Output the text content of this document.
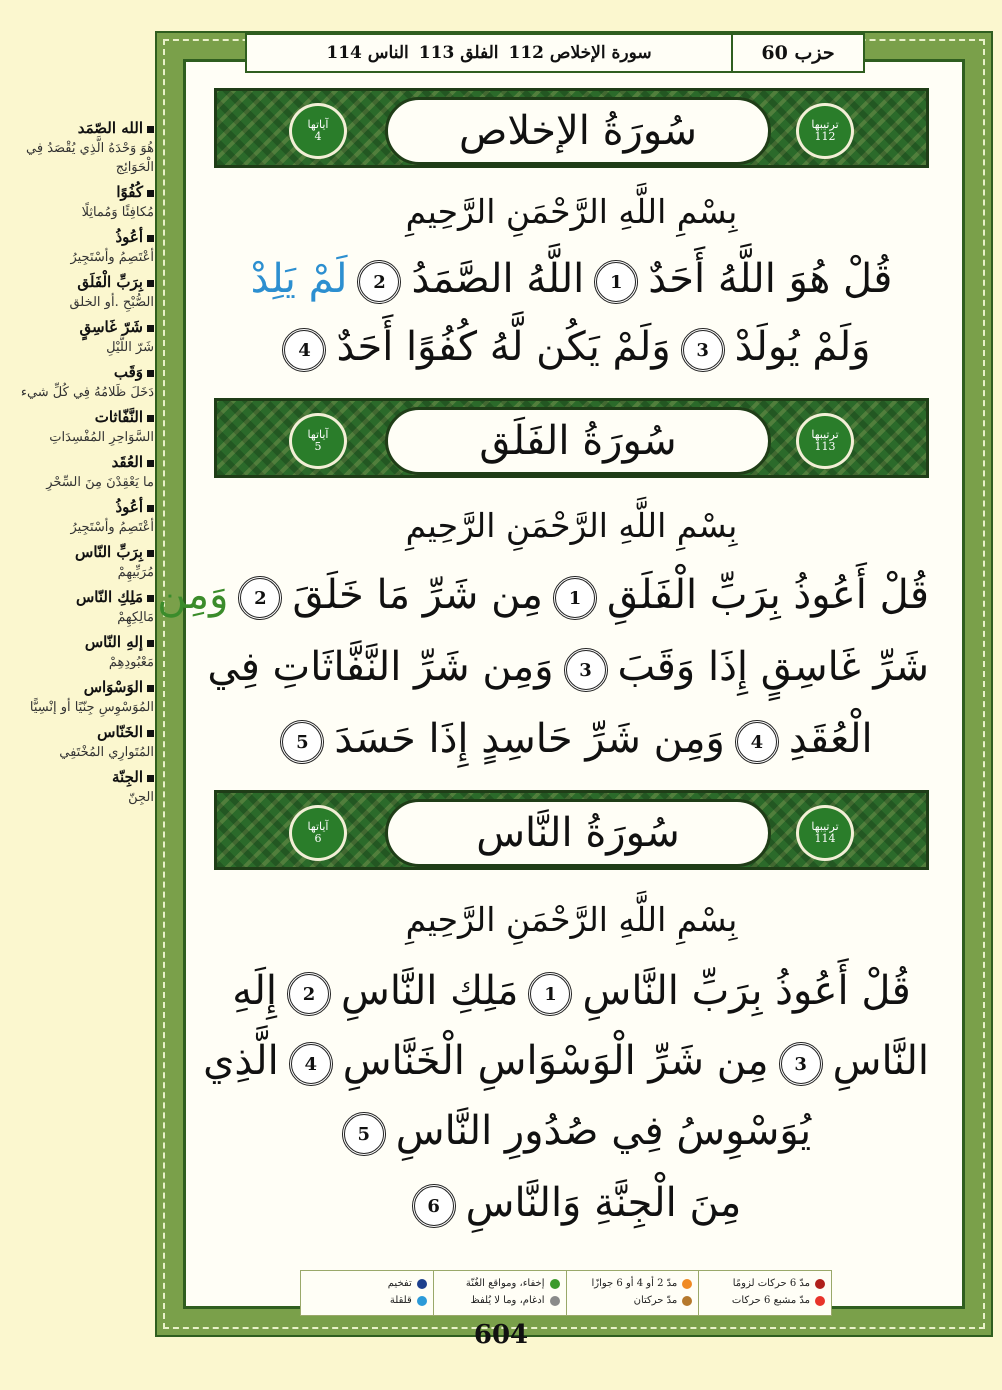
الله الصّمَد
هُوَ وَحْدَهُ الَّذِي يُقْصَدُ فِي الْحَوَائِج
كُفُوًا
مُكافِئًا وَمُماثِلًا
أعُوذُ
أعْتَصِمُ وأسْتَجِيرُ
بِرَبِّ الْفَلَق
الصُّبْحِ .أو الخلق
شَرّ غَاسِقٍ
شَرّ اللَّيْلِ
وَقَب
دَخَلَ ظَلامُهُ فِي كُلِّ شيء
النَّفّاثات
السَّوَاحِرِ المُفْسِدَاتِ
العُقَد
ما يَعْقِدْنَ مِنَ السِّحْرِ
أعُوذُ
أعْتَصِمُ وأسْتَجِيرُ
بِرَبِّ النّاس
مُرَبِّيهِمْ
مَلِكِ النّاس
مَالِكِهِمْ
إلهِ النّاس
مَعْبُودِهِمْ
الوَسْوَاس
المُوَسْوِسِ جِنّيًا أو إنْسِيًّا
الخَنّاس
المُتَوارِي المُخْتَفِي
الجِنّة
الجِنّ
حزب 60
سورة الإخلاص 112
الفلق 113
الناس 114
ترتيبها
112
سُورَةُ الإخلاص
آياتها
4
بِسْمِ اللَّهِ الرَّحْمَنِ الرَّحِيمِ
قُلْ هُوَ اللَّهُ أَحَدٌ1اللَّهُ الصَّمَدُ2لَمْ يَلِدْ
وَلَمْ يُولَدْ3وَلَمْ يَكُن لَّهُ كُفُوًا أَحَدٌ4
ترتيبها
113
سُورَةُ الفَلَق
آياتها
5
بِسْمِ اللَّهِ الرَّحْمَنِ الرَّحِيمِ
قُلْ أَعُوذُ بِرَبِّ الْفَلَقِ1مِن شَرِّ مَا خَلَقَ2وَمِن
شَرِّ غَاسِقٍ إِذَا وَقَبَ3وَمِن شَرِّ النَّفَّاثَاتِ فِي
الْعُقَدِ4وَمِن شَرِّ حَاسِدٍ إِذَا حَسَدَ5
ترتيبها
114
سُورَةُ النَّاس
آياتها
6
بِسْمِ اللَّهِ الرَّحْمَنِ الرَّحِيمِ
قُلْ أَعُوذُ بِرَبِّ النَّاسِ1مَلِكِ النَّاسِ2إِلَهِ
النَّاسِ3مِن شَرِّ الْوَسْوَاسِ الْخَنَّاسِ4الَّذِي
يُوَسْوِسُ فِي صُدُورِ النَّاسِ5
مِنَ الْجِنَّةِ وَالنَّاسِ6
مدّ 6 حركات لزومًا
مدّ مشبع 6 حركات
مدّ 2 أو 4 أو 6 جوازًا
مدّ حركتان
إخفاء، ومواقع الغُنّة
ادغام، وما لا يُلفظ
تفخيم
قلقلة
604
